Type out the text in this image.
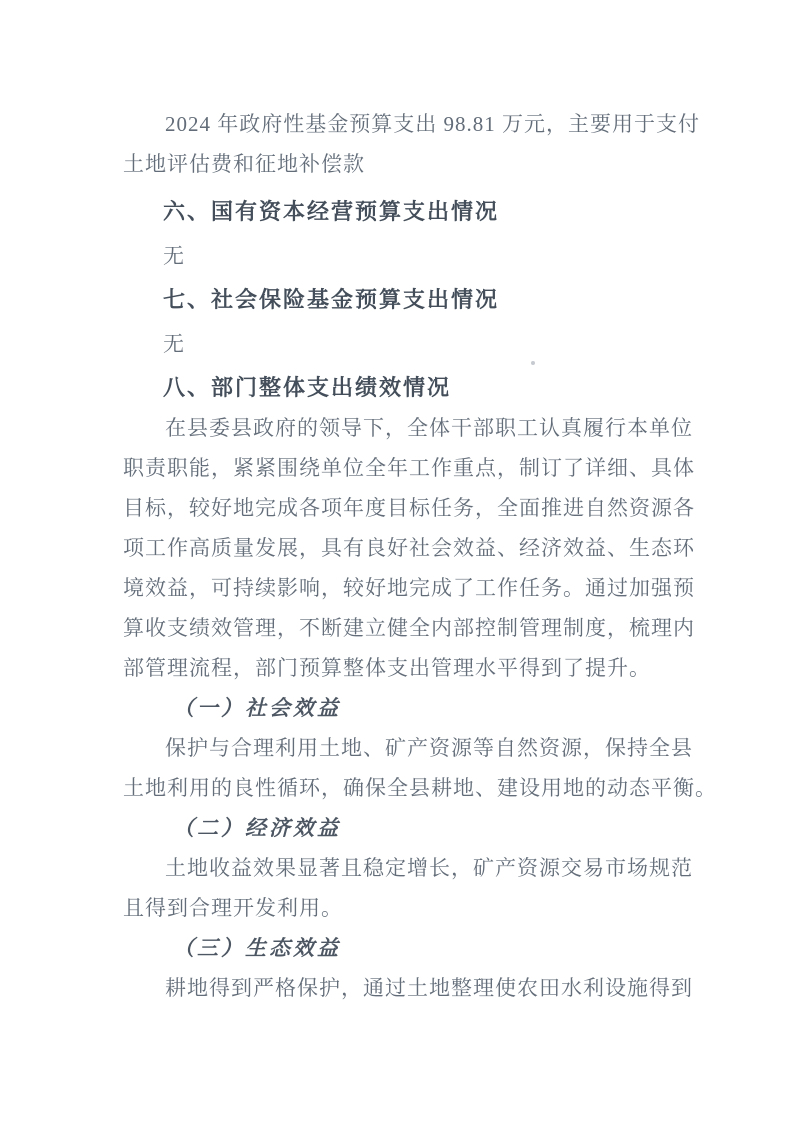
2024 年政府性基金预算支出 98.81 万元，主要用于支付
土地评估费和征地补偿款
六、国有资本经营预算支出情况
无
七、社会保险基金预算支出情况
无
八、部门整体支出绩效情况
在县委县政府的领导下，全体干部职工认真履行本单位
职责职能，紧紧围绕单位全年工作重点，制订了详细、具体
目标，较好地完成各项年度目标任务，全面推进自然资源各
项工作高质量发展，具有良好社会效益、经济效益、生态环
境效益，可持续影响，较好地完成了工作任务。通过加强预
算收支绩效管理，不断建立健全内部控制管理制度，梳理内
部管理流程，部门预算整体支出管理水平得到了提升。
（一）社会效益
保护与合理利用土地、矿产资源等自然资源，保持全县
土地利用的良性循环，确保全县耕地、建设用地的动态平衡。
（二）经济效益
土地收益效果显著且稳定增长，矿产资源交易市场规范
且得到合理开发利用。
（三）生态效益
耕地得到严格保护，通过土地整理使农田水利设施得到
